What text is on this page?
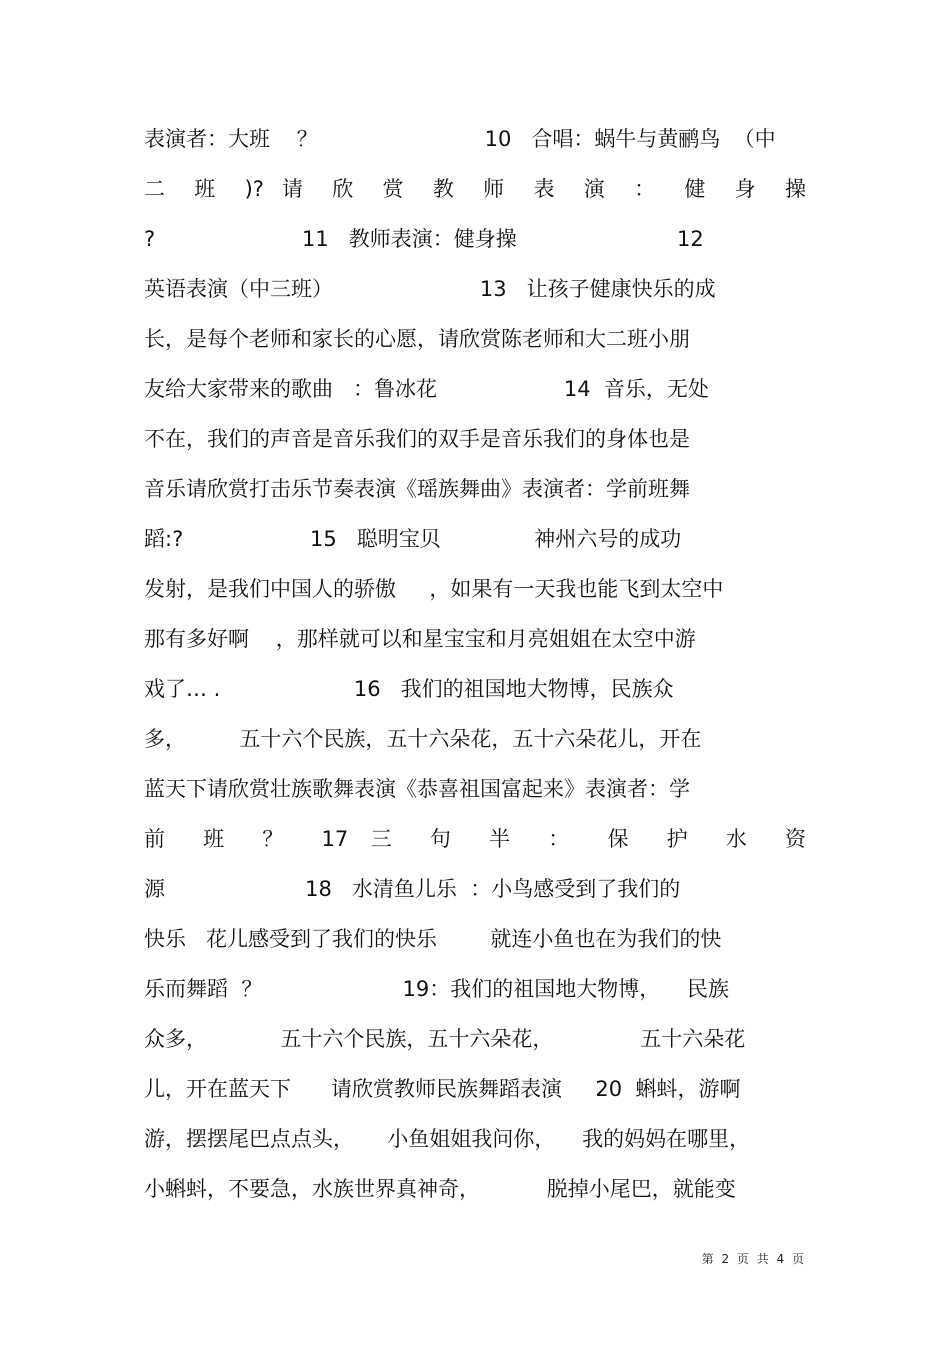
表演者：大班    ？                         10   合唱：蜗牛与黄鹂鸟  （中
二 班 )? 请 欣 赏 教 师 表 演 ： 健 身 操
?                      11   教师表演：健身操                        12
英语表演（中三班）                      13   让孩子健康快乐的成
长，是每个老师和家长的心愿，请欣赏陈老师和大二班小朋
友给大家带来的歌曲   ：鲁冰花                   14  音乐，无处
不在，我们的声音是音乐我们的双手是音乐我们的身体也是
音乐请欣赏打击乐节奏表演《瑶族舞曲》表演者：学前班舞
蹈:?                   15   聪明宝贝              神州六号的成功
发射，是我们中国人的骄傲     ，如果有一天我也能飞到太空中
那有多好啊    ，那样就可以和星宝宝和月亮姐姐在太空中游
戏了… .                    16   我们的祖国地大物博，民族众
多，        五十六个民族，五十六朵花，五十六朵花儿，开在
蓝天下请欣赏壮族歌舞表演《恭喜祖国富起来》表演者：学
前 班 ？ 17 三 句 半 ： 保 护 水 资
源                     18   水清鱼儿乐  ：小鸟感受到了我们的
快乐   花儿感受到了我们的快乐        就连小鱼也在为我们的快
乐而舞蹈  ？                     19：我们的祖国地大物博，    民族
众多，           五十六个民族，五十六朵花，             五十六朵花
儿，开在蓝天下      请欣赏教师民族舞蹈表演     20  蝌蚪，游啊
游，摆摆尾巴点点头，     小鱼姐姐我问你，    我的妈妈在哪里，
小蝌蚪，不要急，水族世界真神奇，          脱掉小尾巴，就能变
第 2 页 共 4 页
